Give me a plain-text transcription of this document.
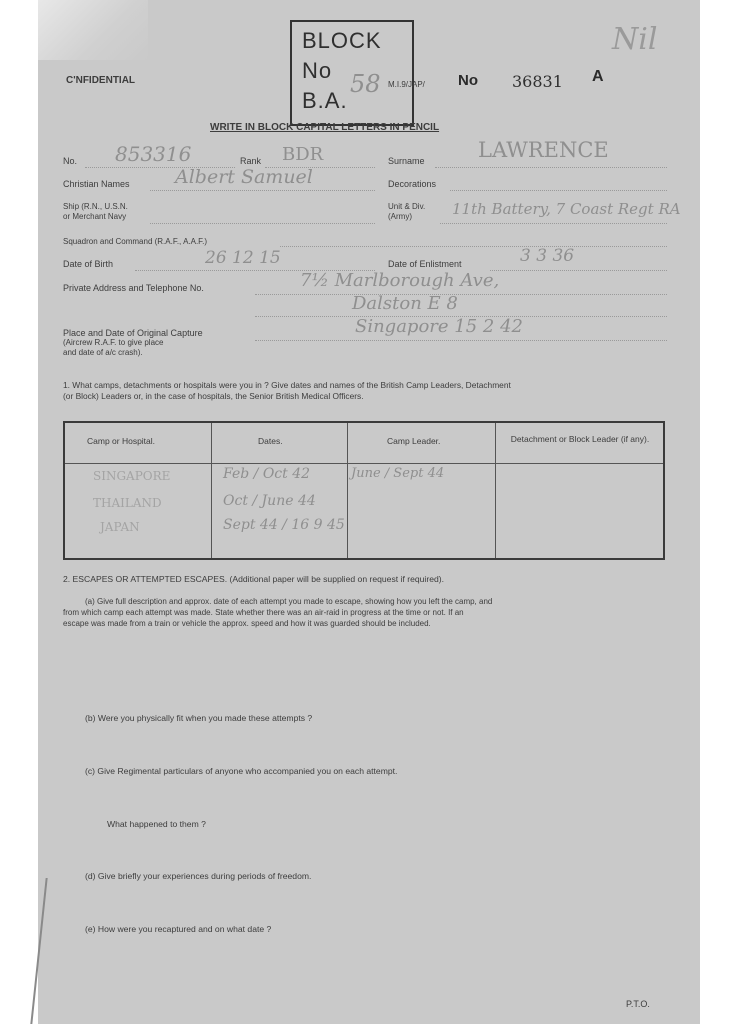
C'NFIDENTIAL
BLOCK
No
B.A.
58 M.I.9/JAP/ No 36831 A
Nil
WRITE IN BLOCK CAPITAL LETTERS IN PENCIL
No. 853316	Rank BDR	Surname	LAWRENCE
Christian Names Albert Samuel	Decorations
Ship (R.N., U.S.N.
or Merchant Navy
Unit & Div.
(Army)	11th Battery, 7 Coast Regt RA
Squadron and Command (R.A.F., A.A.F.)
Date of Birth	26 12 15	Date of Enlistment	3 3 36
Private Address and Telephone No.	7½ Marlborough Ave,
Dalston E 8
Place and Date of Original Capture
(Aircrew R.A.F. to give place
and date of a/c crash).
Singapore 15 2 42
1. What camps, detachments or hospitals were you in ? Give dates and names of the British Camp Leaders, Detachment
(or Block) Leaders or, in the case of hospitals, the Senior British Medical Officers.
Camp or Hospital.	Dates.	Camp Leader.	Detachment or Block Leader (if any).
SINGAPORE	Feb / Oct 42	June / Sept 44
THAILAND	Oct / June 44
JAPAN	Sept 44 / 16 9 45
2. ESCAPES OR ATTEMPTED ESCAPES. (Additional paper will be supplied on request if required).
(a) Give full description and approx. date of each attempt you made to escape, showing how you left the camp, and
from which camp each attempt was made. State whether there was an air-raid in progress at the time or not. If an
escape was made from a train or vehicle the approx. speed and how it was guarded should be included.
(b) Were you physically fit when you made these attempts ?
(c) Give Regimental particulars of anyone who accompanied you on each attempt.
What happened to them ?
(d) Give briefly your experiences during periods of freedom.
(e) How were you recaptured and on what date ?
P.T.O.
